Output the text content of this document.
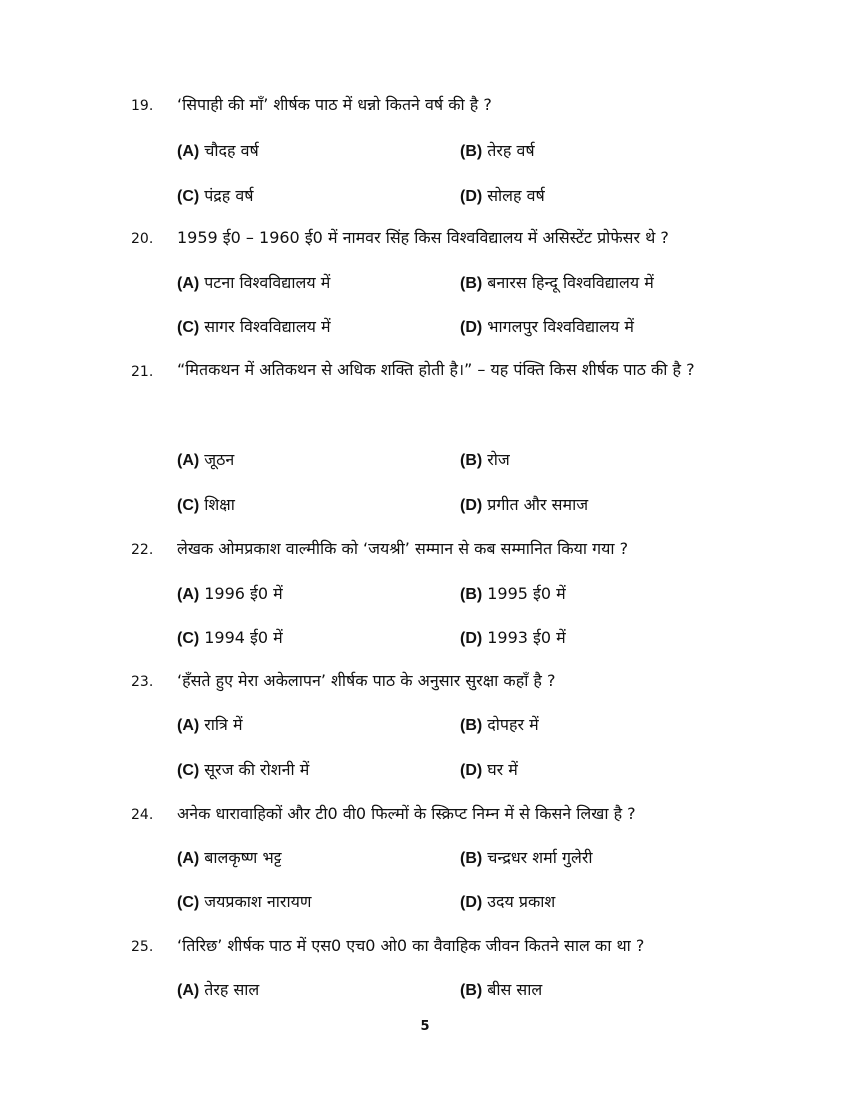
19. ‘सिपाही की माँ’ शीर्षक पाठ में धन्नो कितने वर्ष की है ?
(A) चौदह वर्ष	(B) तेरह वर्ष
(C) पंद्रह वर्ष	(D) सोलह वर्ष
20. 1959 ई0 – 1960 ई0 में नामवर सिंह किस विश्वविद्यालय में असिस्टेंट प्रोफेसर थे ?
(A) पटना विश्वविद्यालय में	(B) बनारस हिन्दू विश्वविद्यालय में
(C) सागर विश्वविद्यालय में	(D) भागलपुर विश्वविद्यालय में
21. “मितकथन में अतिकथन से अधिक शक्ति होती है।” – यह पंक्ति किस शीर्षक पाठ की है ?
(A) जूठन	(B) रोज
(C) शिक्षा	(D) प्रगीत और समाज
22. लेखक ओमप्रकाश वाल्मीकि को ‘जयश्री’ सम्मान से कब सम्मानित किया गया ?
(A) 1996 ई0 में	(B) 1995 ई0 में
(C) 1994 ई0 में	(D) 1993 ई0 में
23. ‘हँसते हुए मेरा अकेलापन’ शीर्षक पाठ के अनुसार सुरक्षा कहाँ है ?
(A) रात्रि में	(B) दोपहर में
(C) सूरज की रोशनी में	(D) घर में
24. अनेक धारावाहिकों और टी0 वी0 फिल्मों के स्क्रिप्ट निम्न में से किसने लिखा है ?
(A) बालकृष्ण भट्ट	(B) चन्द्रधर शर्मा गुलेरी
(C) जयप्रकाश नारायण	(D) उदय प्रकाश
25. ‘तिरिछ’ शीर्षक पाठ में एस0 एच0 ओ0 का वैवाहिक जीवन कितने साल का था ?
(A) तेरह साल	(B) बीस साल
5
